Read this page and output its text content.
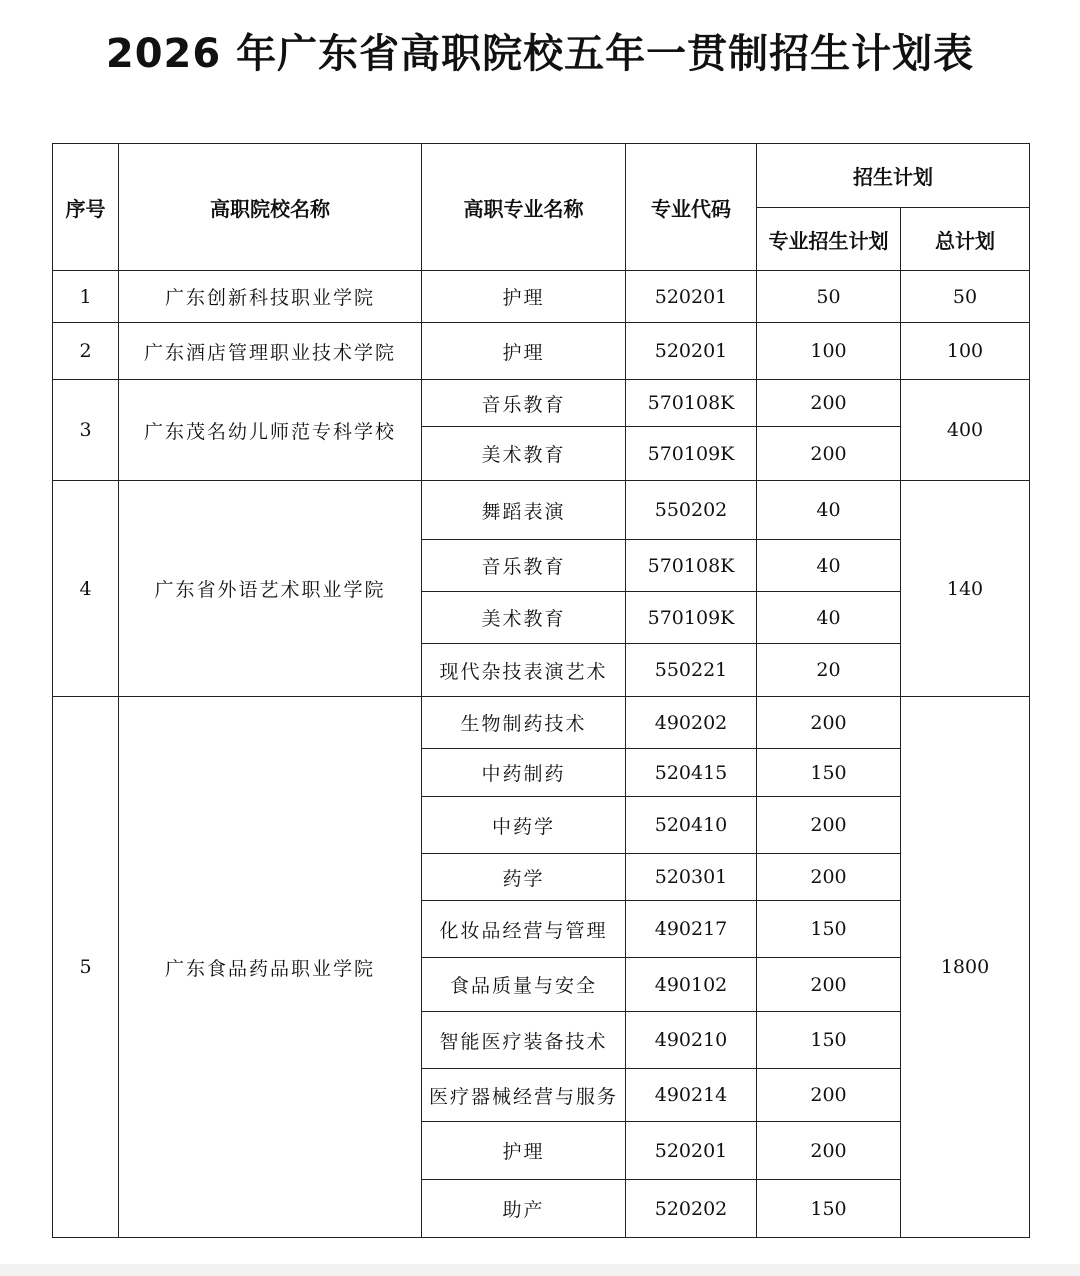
2026 年广东省高职院校五年一贯制招生计划表
序号	高职院校名称	高职专业名称	专业代码	招生计划	
				专业招生计划	总计划
1	广东创新科技职业学院	护理	520201	50	50
2	广东酒店管理职业技术学院	护理	520201	100	100
3	广东茂名幼儿师范专科学校	音乐教育	570108K	200	400
		美术教育	570109K	200	
4	广东省外语艺术职业学院	舞蹈表演	550202	40	140
		音乐教育	570108K	40	
		美术教育	570109K	40	
		现代杂技表演艺术	550221	20	
5	广东食品药品职业学院	生物制药技术	490202	200	1800
		中药制药	520415	150	
		中药学	520410	200	
		药学	520301	200	
		化妆品经营与管理	490217	150	
		食品质量与安全	490102	200	
		智能医疗装备技术	490210	150	
		医疗器械经营与服务	490214	200	
		护理	520201	200	
		助产	520202	150	
